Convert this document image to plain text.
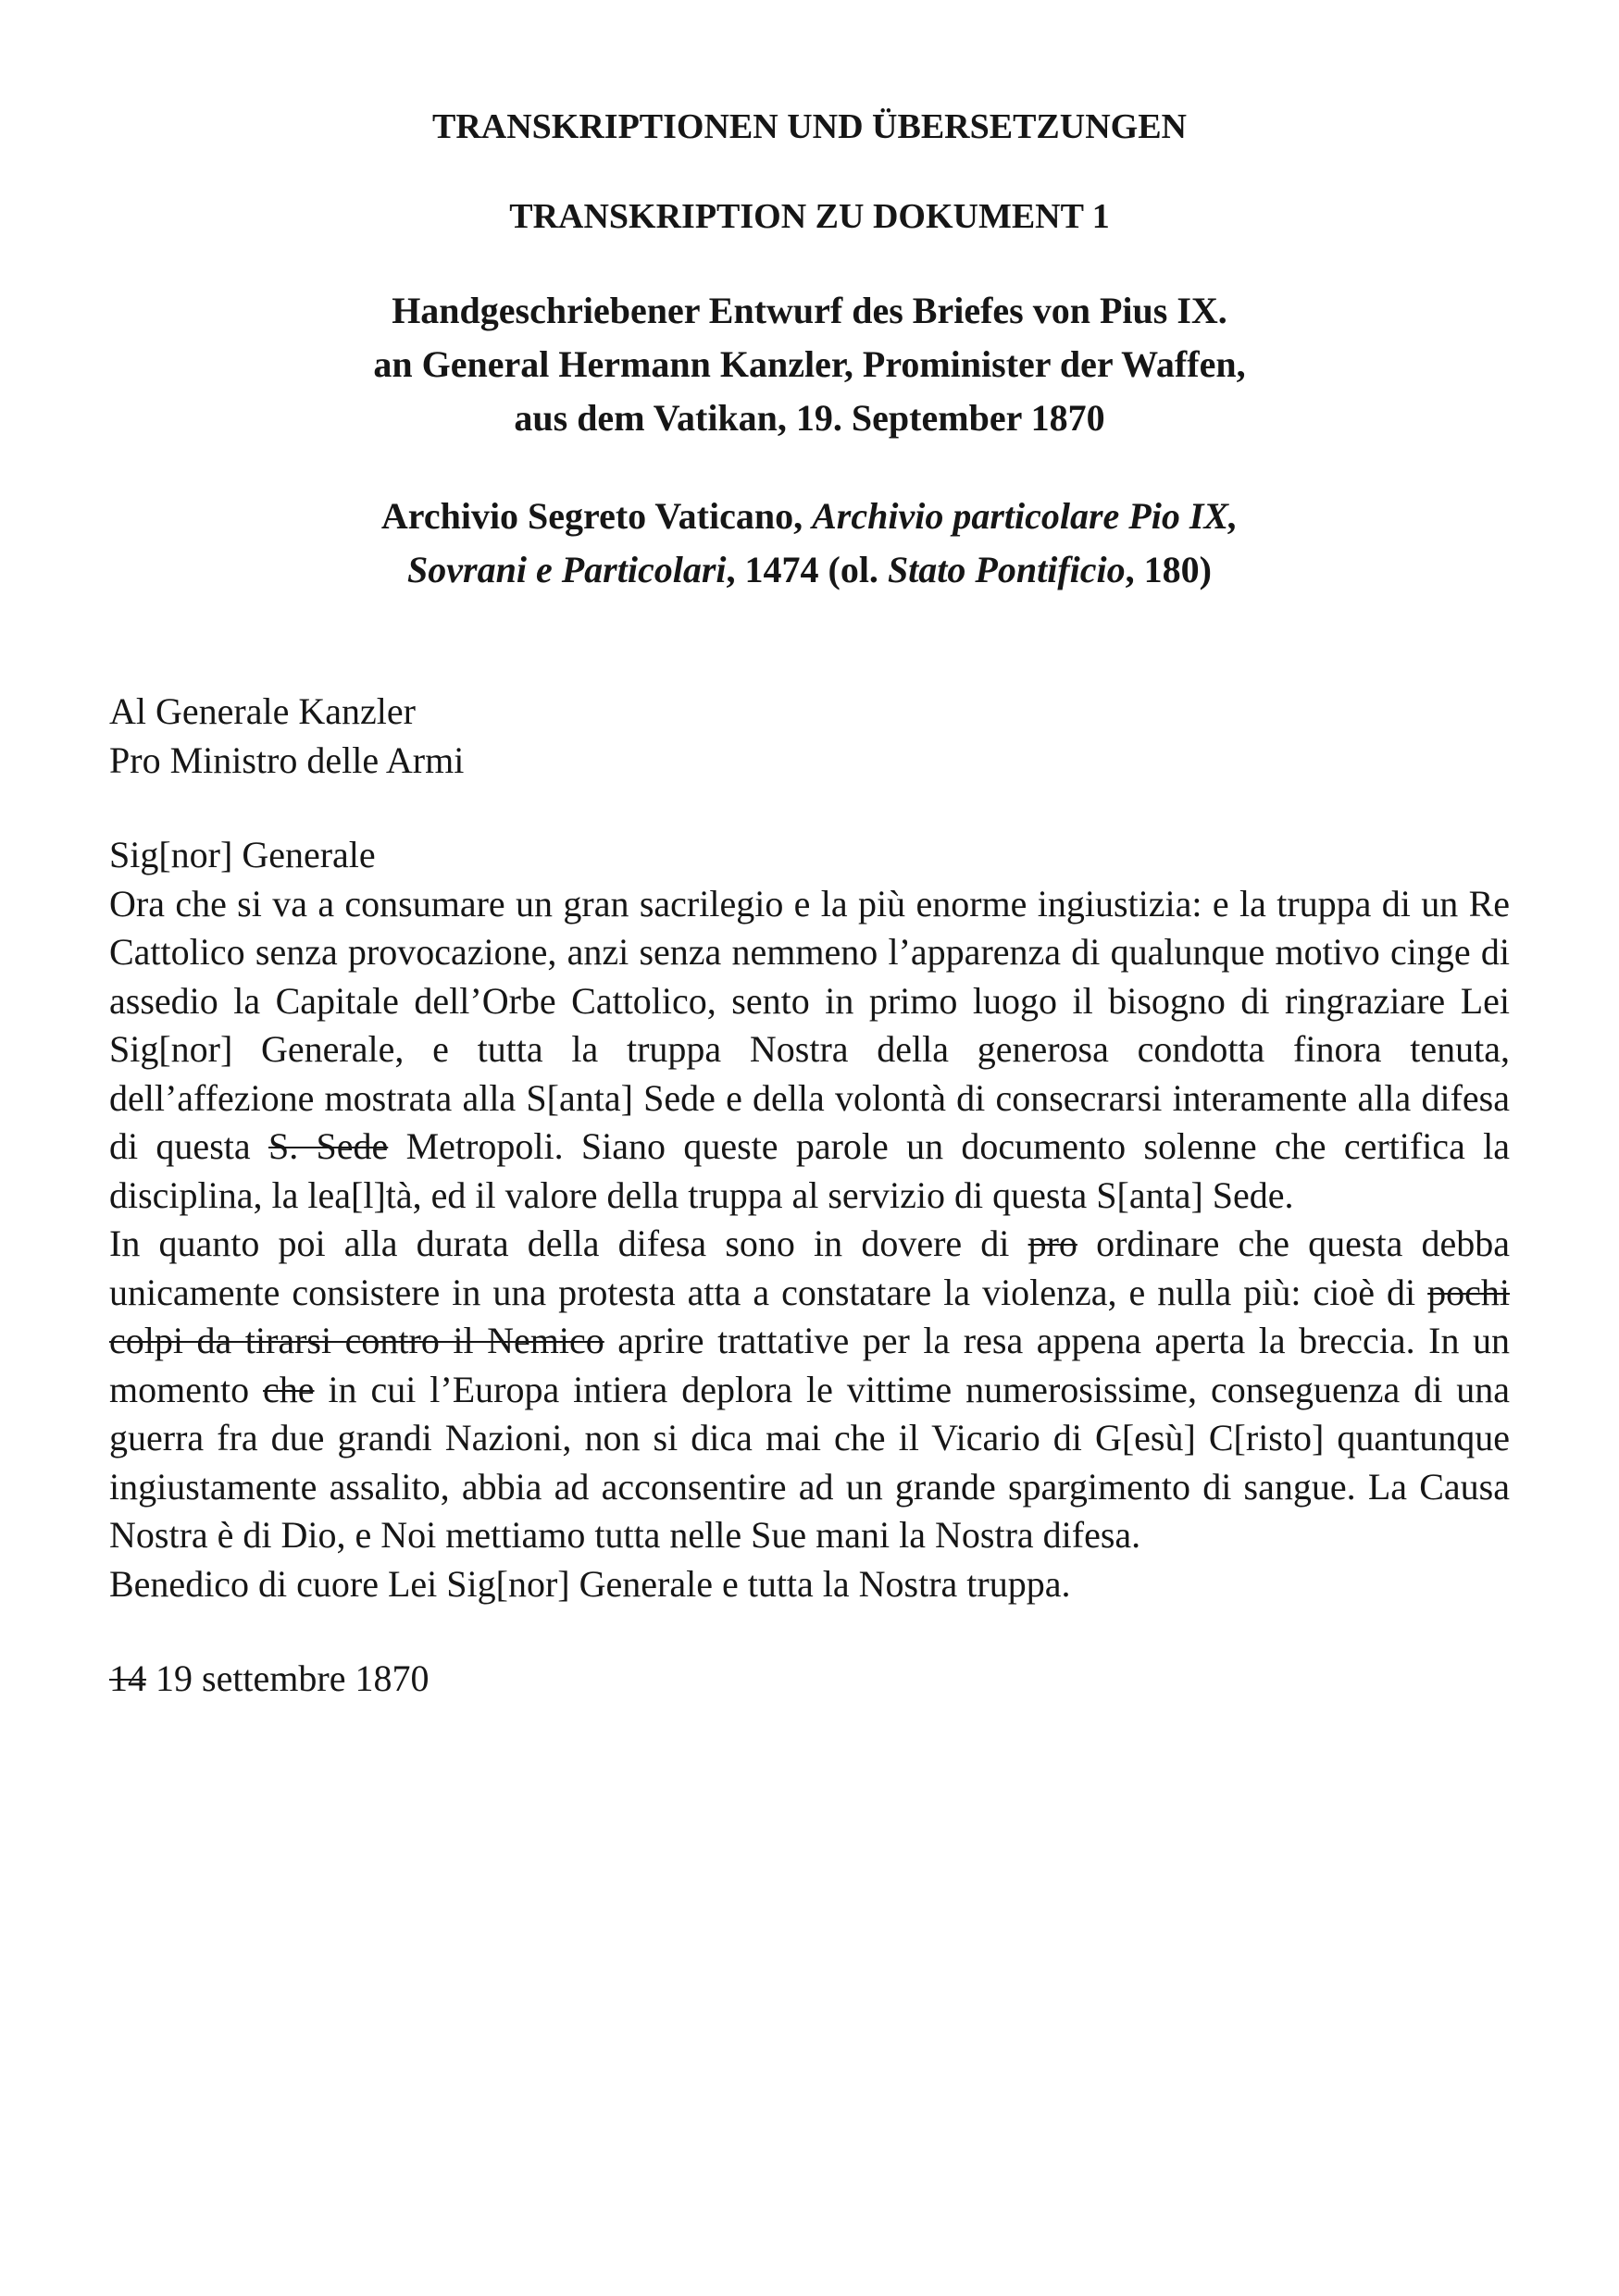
TRANSKRIPTIONEN UND ÜBERSETZUNGEN

TRANSKRIPTION ZU DOKUMENT 1

Handgeschriebener Entwurf des Briefes von Pius IX.
an General Hermann Kanzler, Prominister der Waffen,
aus dem Vatikan, 19. September 1870
Archivio Segreto Vaticano, Archivio particolare Pio IX,
Sovrani e Particolari, 1474 (ol. Stato Pontificio, 180)

Al Generale Kanzler

Pro Ministro delle Armi

Sig[nor] Generale

Ora che si va a consumare un gran sacrilegio e la più enorme ingiustizia: e la truppa di un Re Cattolico senza provocazione, anzi senza nemmeno l’apparenza di qualunque motivo cinge di assedio la Capitale dell’Orbe Cattolico, sento in primo luogo il bisogno di ringraziare Lei Sig[nor] Generale, e tutta la truppa Nostra della generosa condotta finora tenuta, dell’affezione mostrata alla S[anta] Sede e della volontà di consecrarsi interamente alla difesa di questa S. Sede Metropoli. Siano queste parole un documento solenne che certifica la disciplina, la lea[l]tà, ed il valore della truppa al servizio di questa S[anta] Sede.

In quanto poi alla durata della difesa sono in dovere di pro ordinare che questa debba unicamente consistere in una protesta atta a constatare la violenza, e nulla più: cioè di pochi colpi da tirarsi contro il Nemico aprire trattative per la resa appena aperta la breccia. In un momento che in cui l’Europa intiera deplora le vittime numerosissime, conseguenza di una guerra fra due grandi Nazioni, non si dica mai che il Vicario di G[esù] C[risto] quantunque ingiustamente assalito, abbia ad acconsentire ad un grande spargimento di sangue. La Causa Nostra è di Dio, e Noi mettiamo tutta nelle Sue mani la Nostra difesa.

Benedico di cuore Lei Sig[nor] Generale e tutta la Nostra truppa.

14 19 settembre 1870
